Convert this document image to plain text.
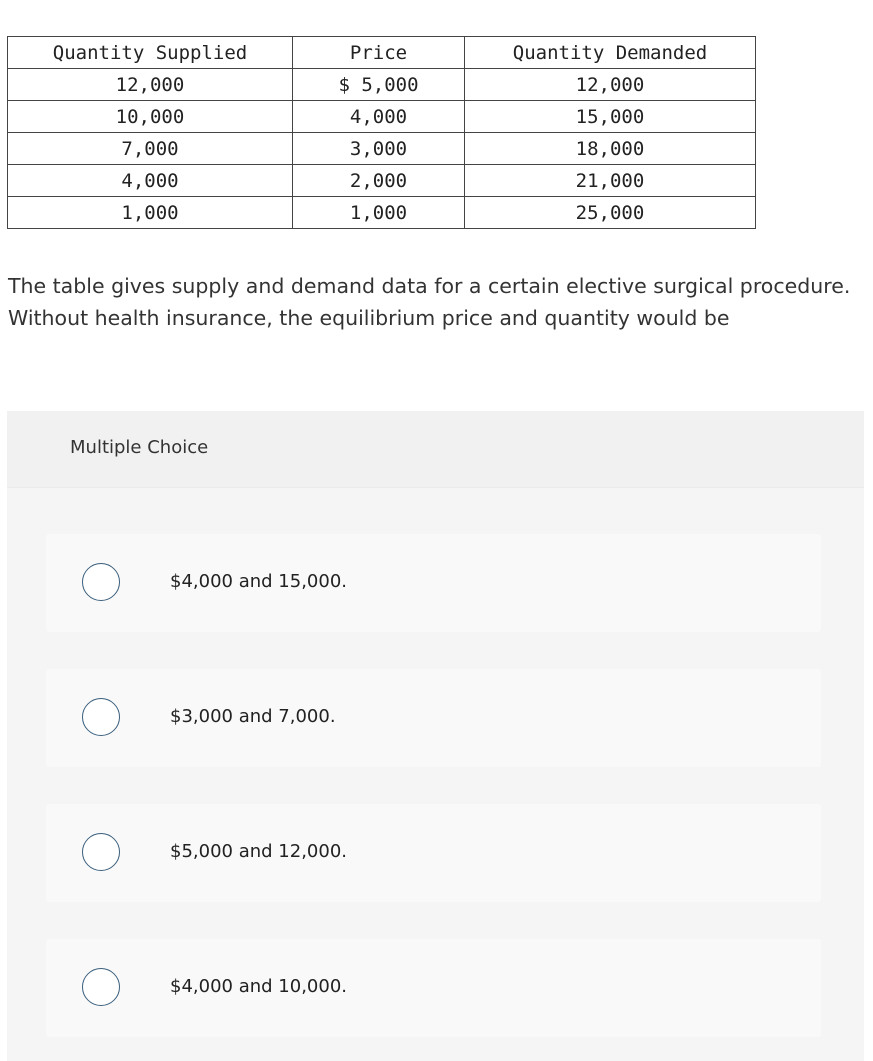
Quantity Supplied	Price	Quantity Demanded
12,000	$ 5,000	12,000
10,000	4,000	15,000
7,000	3,000	18,000
4,000	2,000	21,000
1,000	1,000	25,000

The table gives supply and demand data for a certain elective surgical procedure. Without health insurance, the equilibrium price and quantity would be

Multiple Choice
$4,000 and 15,000.
$3,000 and 7,000.
$5,000 and 12,000.
$4,000 and 10,000.
